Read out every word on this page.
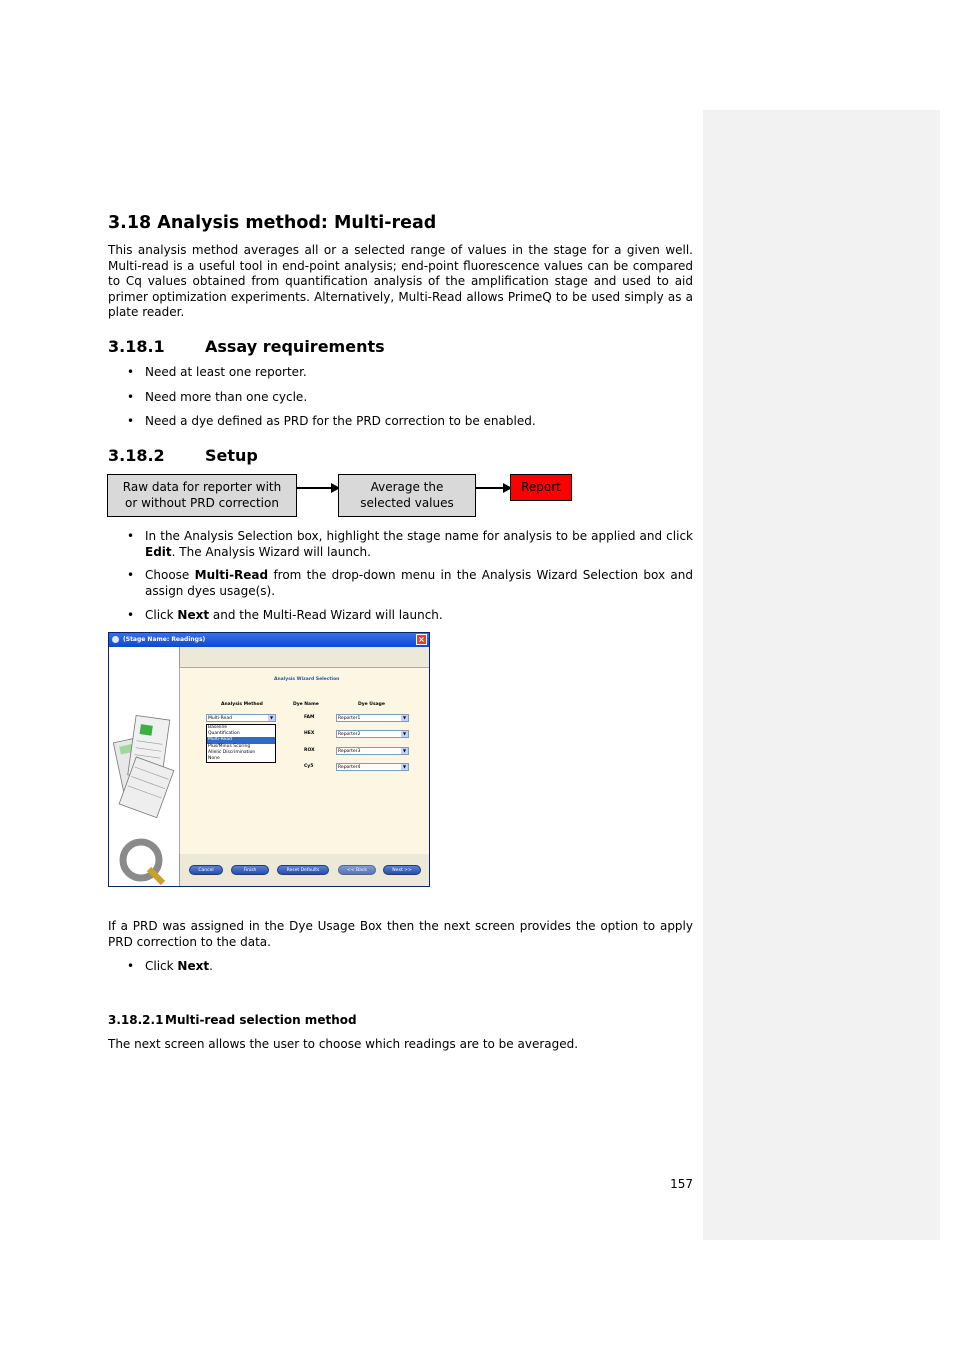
3.18 Analysis method: Multi-read
This analysis method averages all or a selected range of values in the stage for a given well. Multi-read is a useful tool in end-point analysis; end-point fluorescence values can be compared to Cq values obtained from quantification analysis of the amplification stage and used to aid primer optimization experiments. Alternatively, Multi-Read allows PrimeQ to be used simply as a plate reader.
3.18.1	Assay requirements
• Need at least one reporter.
• Need more than one cycle.
• Need a dye defined as PRD for the PRD correction to be enabled.
3.18.2	Setup
Raw data for reporter with or without PRD correction
Average the selected values
Report
• In the Analysis Selection box, highlight the stage name for analysis to be applied and click Edit. The Analysis Wizard will launch.
• Choose Multi-Read from the drop-down menu in the Analysis Wizard Selection box and assign dyes usage(s).
• Click Next and the Multi-Read Wizard will launch.
(Stage Name: Readings)	×
Analysis Wizard Selection
Analysis Method	Dye Name	Dye Usage
Multi-Read	▼	FAM	Reporter1	▼
HEX	Reporter2	▼
ROX	Reporter3	▼
Cy5	Reporter4	▼
Baseline
Quantification
Multi-Read
Plus/Minus Scoring
Allelic Discrimination
None
Cancel	Finish	Reset Defaults	<< Back	Next >>
If a PRD was assigned in the Dye Usage Box then the next screen provides the option to apply PRD correction to the data.
• Click Next.
3.18.2.1 Multi-read selection method
The next screen allows the user to choose which readings are to be averaged.
157
